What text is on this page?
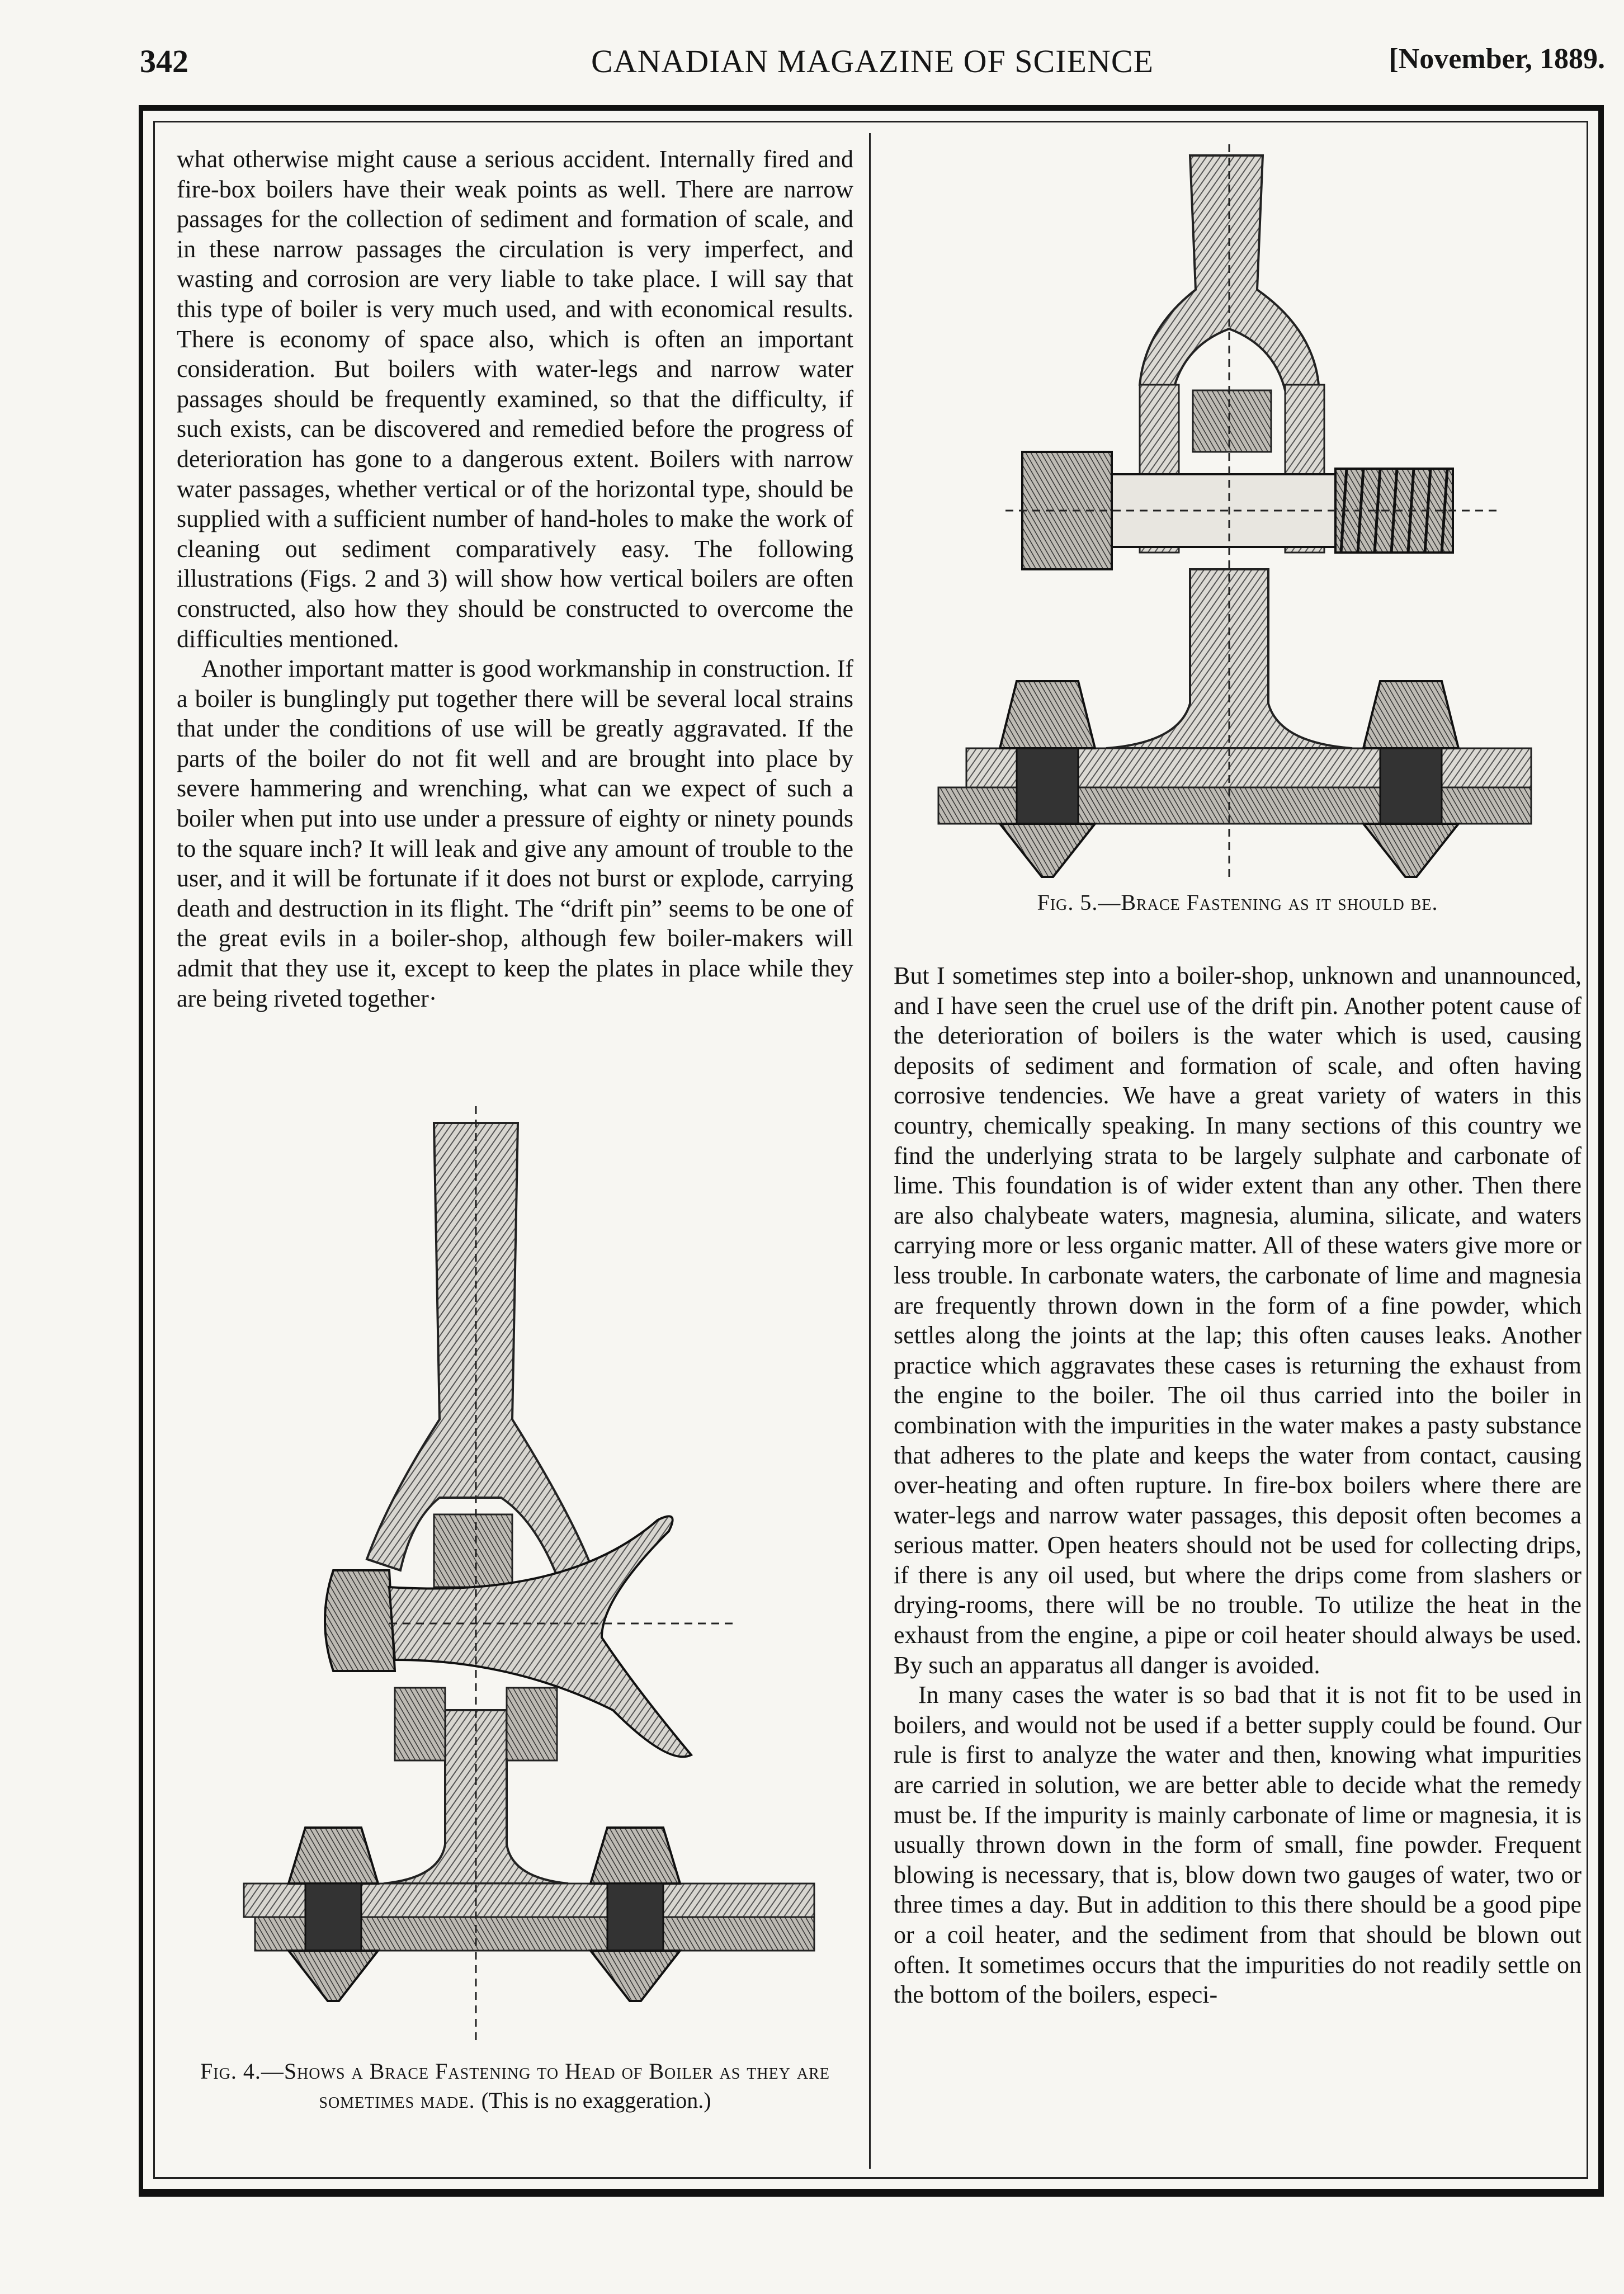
342	CANADIAN MAGAZINE OF SCIENCE	[November, 1889.

what otherwise might cause a serious accident. Internally fired and fire-box boilers have their weak points as well. There are narrow passages for the collection of sediment and formation of scale, and in these narrow passages the circulation is very imperfect, and wasting and corrosion are very liable to take place. I will say that this type of boiler is very much used, and with economical results. There is economy of space also, which is often an important consideration. But boilers with water-legs and narrow water passages should be frequently examined, so that the difficulty, if such exists, can be discovered and remedied before the progress of deterioration has gone to a dangerous extent. Boilers with narrow water passages, whether vertical or of the horizontal type, should be supplied with a sufficient number of hand-holes to make the work of cleaning out sediment comparatively easy. The following illustrations (Figs. 2 and 3) will show how vertical boilers are often constructed, also how they should be constructed to overcome the difficulties mentioned.

Another important matter is good workmanship in construction. If a boiler is bunglingly put together there will be several local strains that under the conditions of use will be greatly aggravated. If the parts of the boiler do not fit well and are brought into place by severe hammering and wrenching, what can we expect of such a boiler when put into use under a pressure of eighty or ninety pounds to the square inch? It will leak and give any amount of trouble to the user, and it will be fortunate if it does not burst or explode, carrying death and destruction in its flight. The “drift pin” seems to be one of the great evils in a boiler-shop, although few boiler-makers will admit that they use it, except to keep the plates in place while they are being riveted together·

Fig. 4.—Shows a Brace Fastening to Head of Boiler as they are sometimes made. (This is no exaggeration.)
Fig. 5.—Brace Fastening as it should be.

But I sometimes step into a boiler-shop, unknown and unannounced, and I have seen the cruel use of the drift pin. Another potent cause of the deterioration of boilers is the water which is used, causing deposits of sediment and formation of scale, and often having corrosive tendencies. We have a great variety of waters in this country, chemically speaking. In many sections of this country we find the underlying strata to be largely sulphate and carbonate of lime. This foundation is of wider extent than any other. Then there are also chalybeate waters, magnesia, alumina, silicate, and waters carrying more or less organic matter. All of these waters give more or less trouble. In carbonate waters, the carbonate of lime and magnesia are frequently thrown down in the form of a fine powder, which settles along the joints at the lap; this often causes leaks. Another practice which aggravates these cases is returning the exhaust from the engine to the boiler. The oil thus carried into the boiler in combination with the impurities in the water makes a pasty substance that adheres to the plate and keeps the water from contact, causing over-heating and often rupture. In fire-box boilers where there are water-legs and narrow water passages, this deposit often becomes a serious matter. Open heaters should not be used for collecting drips, if there is any oil used, but where the drips come from slashers or drying-rooms, there will be no trouble. To utilize the heat in the exhaust from the engine, a pipe or coil heater should always be used. By such an apparatus all danger is avoided.

In many cases the water is so bad that it is not fit to be used in boilers, and would not be used if a better supply could be found. Our rule is first to analyze the water and then, knowing what impurities are carried in solution, we are better able to decide what the remedy must be. If the impurity is mainly carbonate of lime or magnesia, it is usually thrown down in the form of small, fine powder. Frequent blowing is necessary, that is, blow down two gauges of water, two or three times a day. But in addition to this there should be a good pipe or a coil heater, and the sediment from that should be blown out often. It sometimes occurs that the impurities do not readily settle on the bottom of the boilers, especi-
